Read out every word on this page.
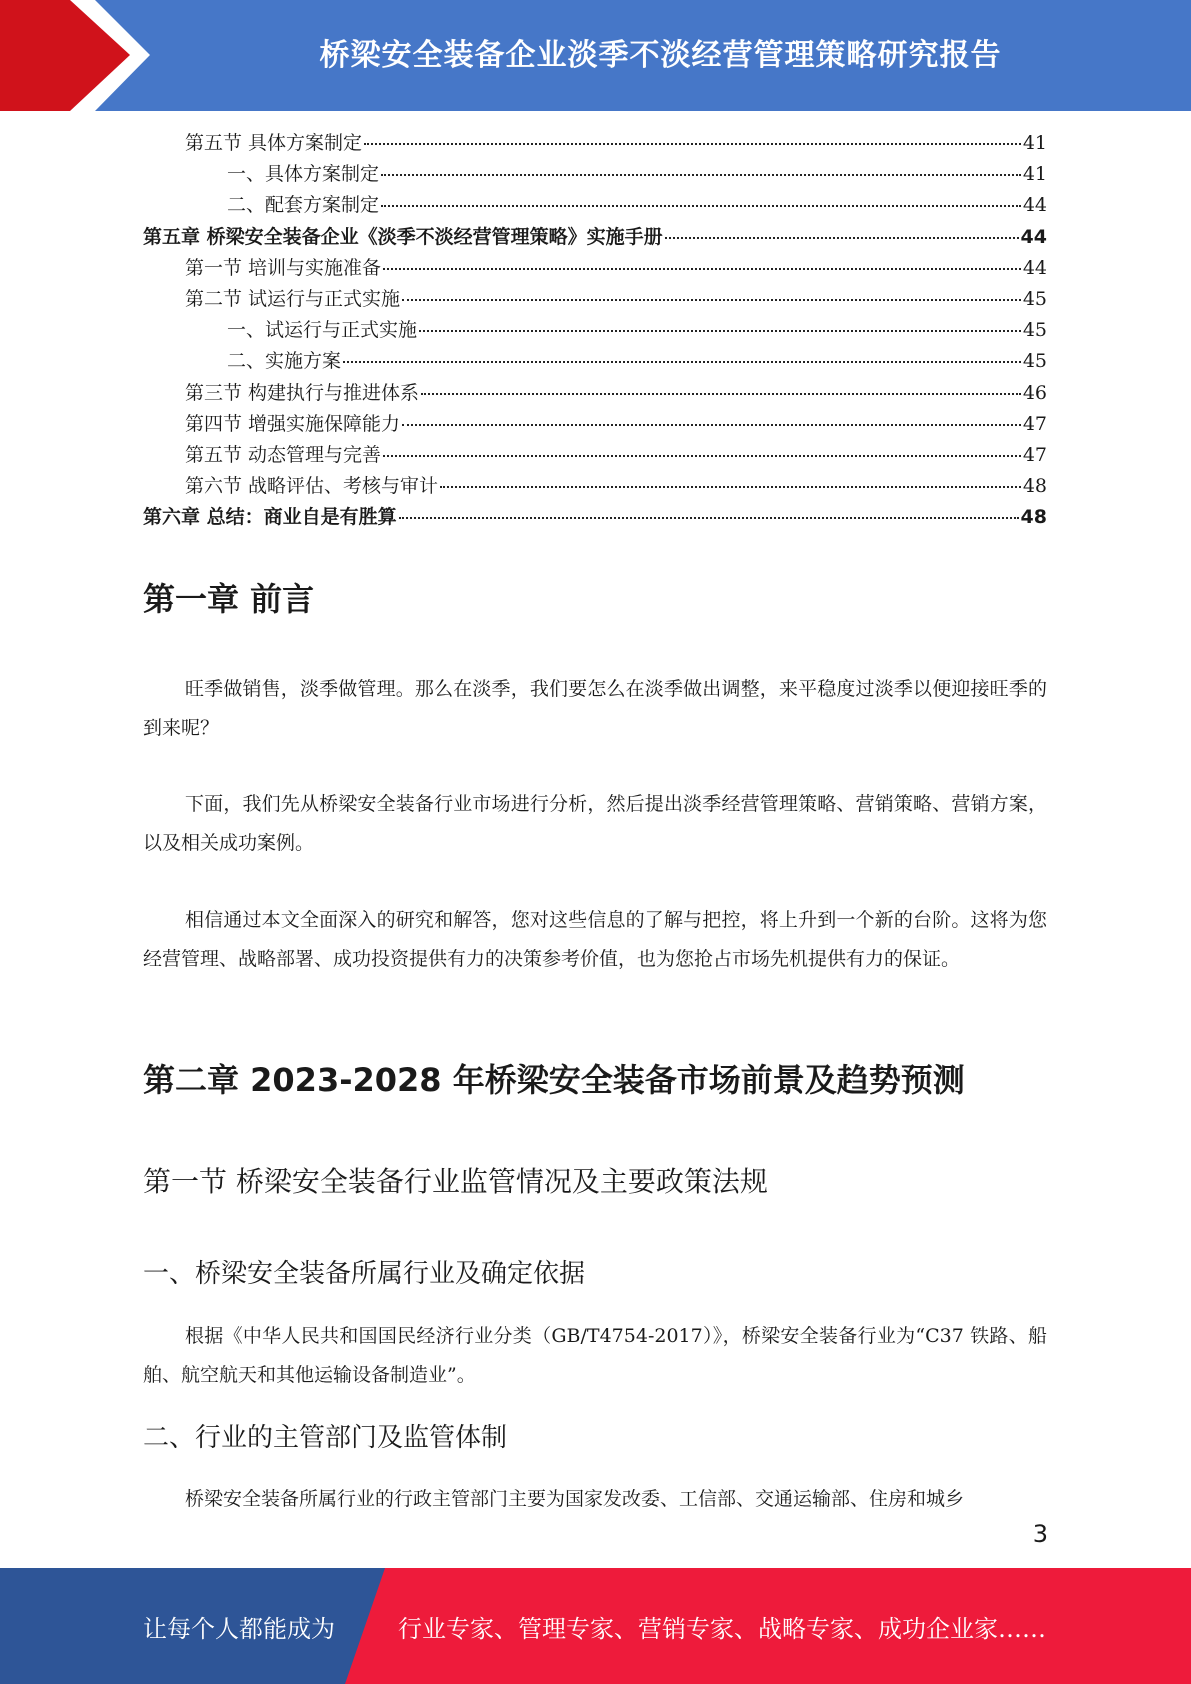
桥梁安全装备企业淡季不淡经营管理策略研究报告
第五节 具体方案制定	41
一、具体方案制定	41
二、配套方案制定	44
第五章 桥梁安全装备企业《淡季不淡经营管理策略》实施手册	44
第一节 培训与实施准备	44
第二节 试运行与正式实施	45
一、试运行与正式实施	45
二、实施方案	45
第三节 构建执行与推进体系	46
第四节 增强实施保障能力	47
第五节 动态管理与完善	47
第六节 战略评估、考核与审计	48
第六章 总结：商业自是有胜算	48
第一章 前言

旺季做销售，淡季做管理。那么在淡季，我们要怎么在淡季做出调整，来平稳度过淡季以便迎接旺季的到来呢？

下面，我们先从桥梁安全装备行业市场进行分析，然后提出淡季经营管理策略、营销策略、营销方案，以及相关成功案例。

相信通过本文全面深入的研究和解答，您对这些信息的了解与把控，将上升到一个新的台阶。这将为您经营管理、战略部署、成功投资提供有力的决策参考价值，也为您抢占市场先机提供有力的保证。

第二章 2023-2028 年桥梁安全装备市场前景及趋势预测
第一节 桥梁安全装备行业监管情况及主要政策法规
一、桥梁安全装备所属行业及确定依据

根据《中华人民共和国国民经济行业分类（GB/T4754-2017）》，桥梁安全装备行业为“C37 铁路、船舶、航空航天和其他运输设备制造业”。

二、行业的主管部门及监管体制

桥梁安全装备所属行业的行政主管部门主要为国家发改委、工信部、交通运输部、住房和城乡

3
让每个人都能成为	行业专家、管理专家、营销专家、战略专家、成功企业家……
